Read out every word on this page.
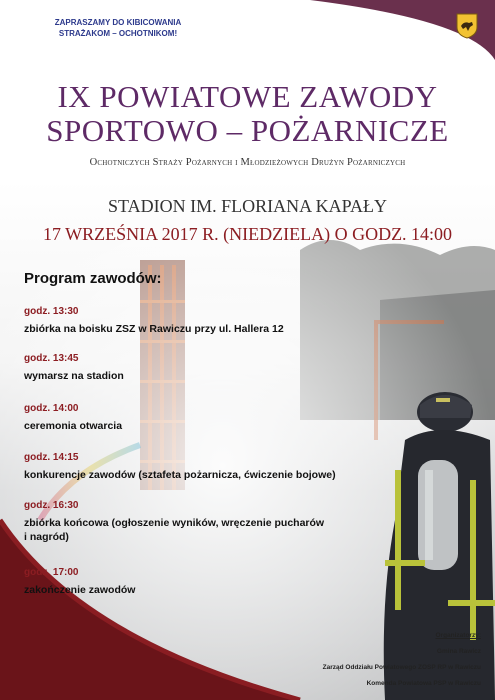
ZAPRASZAMY DO KIBICOWANIA
STRAŻAKOM – OCHOTNIKOM!
IX POWIATOWE ZAWODY
SPORTOWO – POŻARNICZE
Ochotniczych Straży Pożarnych i Młodzieżowych Drużyn Pożarniczych
STADION IM. FLORIANA KAPAŁY
17 WRZEŚNIA 2017 R. (NIEDZIELA) O GODZ. 14:00
Program zawodów:
godz. 13:30
zbiórka na boisku ZSZ w Rawiczu przy ul. Hallera 12
godz. 13:45
wymarsz na stadion
godz. 14:00
ceremonia otwarcia
godz. 14:15
konkurencje zawodów (sztafeta pożarnicza, ćwiczenie bojowe)
godz. 16:30
zbiórka końcowa (ogłoszenie wyników, wręczenie pucharów
i nagród)
godz. 17:00
zakończenie zawodów
Organizatorzy:
Gmina Rawicz
Zarząd Oddziału Powiatowego ZOSP RP w Rawiczu
Komenda Powiatowa PSP w Rawiczu
